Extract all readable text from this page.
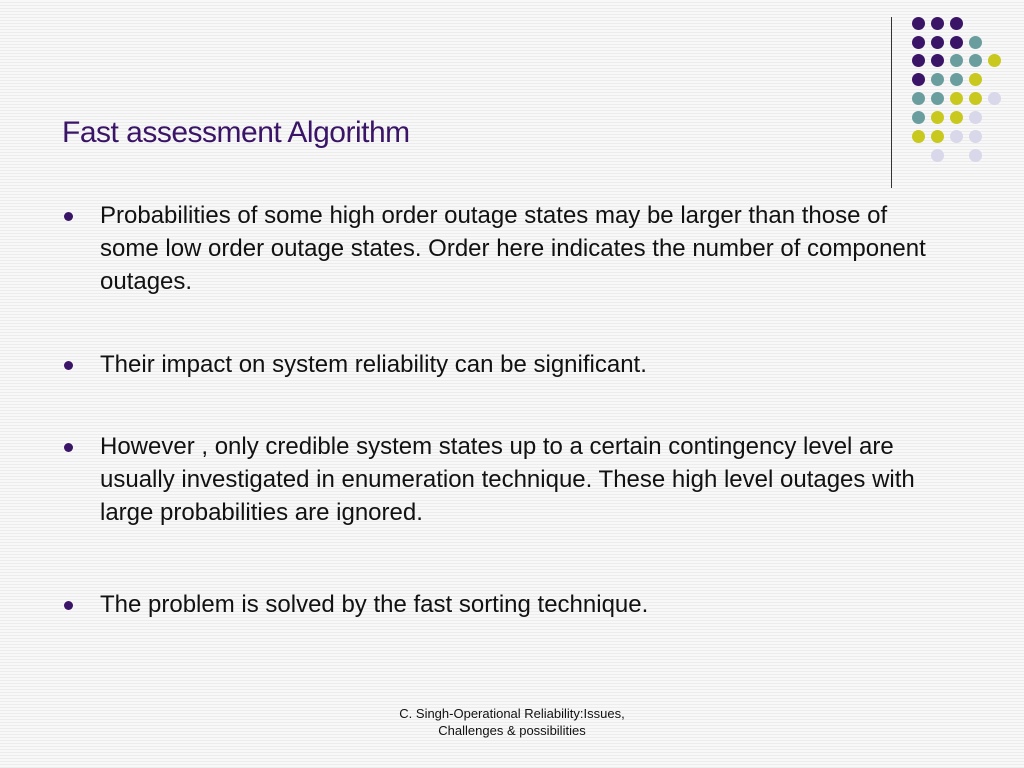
Fast assessment Algorithm
Probabilities of some high order outage states may be larger than those of some low order outage states. Order here indicates the number of component outages.
Their impact on system reliability can be significant.
However , only credible system states up to a certain contingency level are usually investigated in enumeration technique. These high level outages with large probabilities are ignored.
The problem is solved by the fast sorting technique.
C. Singh-Operational Reliability:Issues,
Challenges & possibilities
